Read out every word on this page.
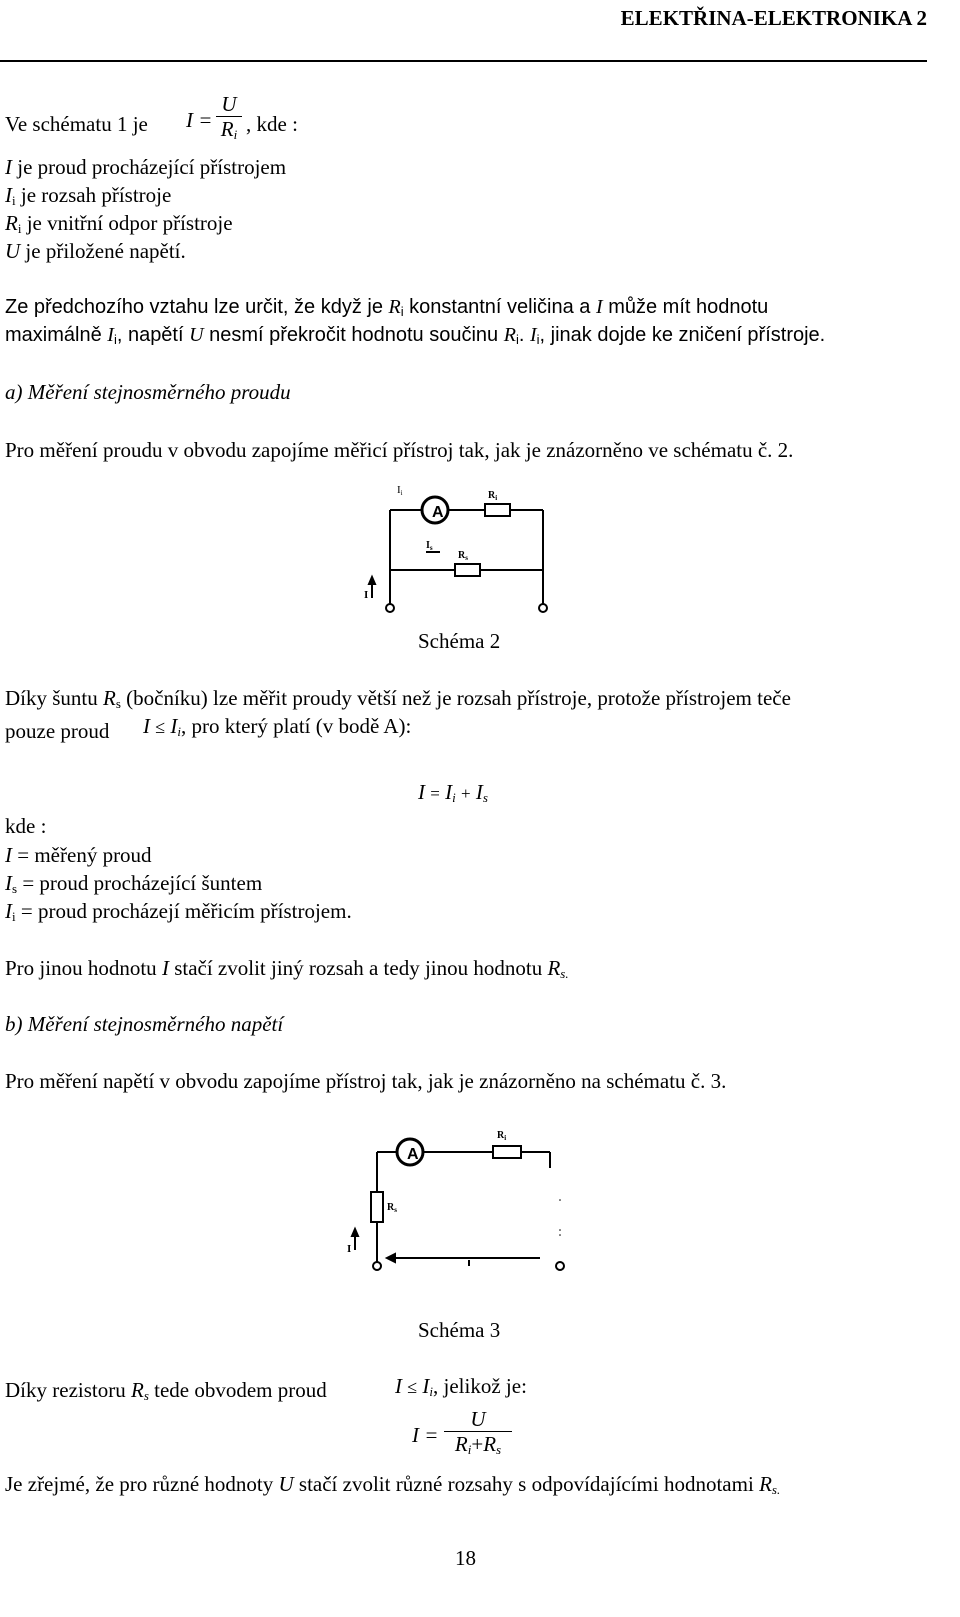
ELEKTŘINA-ELEKTRONIKA 2
Ve schématu 1 je I =
U
$R_i$ , kde :
I je proud procházející přístrojem
$I_i$ je rozsah přístroje
$R_i$ je vnitřní odpor přístroje
U je přiložené napětí.
Ze předchozího vztahu lze určit, že když je $R_i$ konstantní veličina a I může mít hodnotu
maximálně $I_i$, napětí U nesmí překročit hodnotu součinu $R_i$. $I_i$, jinak dojde ke zničení přístroje.
a) Měření stejnosměrného proudu
Pro měření proudu v obvodu zapojíme měřicí přístroj tak, jak je znázorněno ve schématu č. 2.
A
Ii	$R_i$
$I_s$
$R_s$
I
Schéma 2
Díky šuntu $R_s$ (bočníku) lze měřit proudy větší než je rozsah přístroje, protože přístrojem teče
pouze proud $I \le I_i$, pro který platí (v bodě A):
$I = I_i + I_s$
kde :
I = měřený proud
$I_s$ = proud procházející šuntem
$I_i$ = proud procházejí měřicím přístrojem.
Pro jinou hodnotu I stačí zvolit jiný rozsah a tedy jinou hodnotu $R_{s.}$
b) Měření stejnosměrného napětí
Pro měření napětí v obvodu zapojíme přístroj tak, jak je znázorněno na schématu č. 3.
A
$R_i$
$R_s$
I
Schéma 3
Díky rezistoru $R_s$ tede obvodem proud	$I \le I_i$, jelikož je:
I =
U
$R_i+R_s$
Je zřejmé, že pro různé hodnoty U stačí zvolit různé rozsahy s odpovídajícími hodnotami $R_{s.}$
18
